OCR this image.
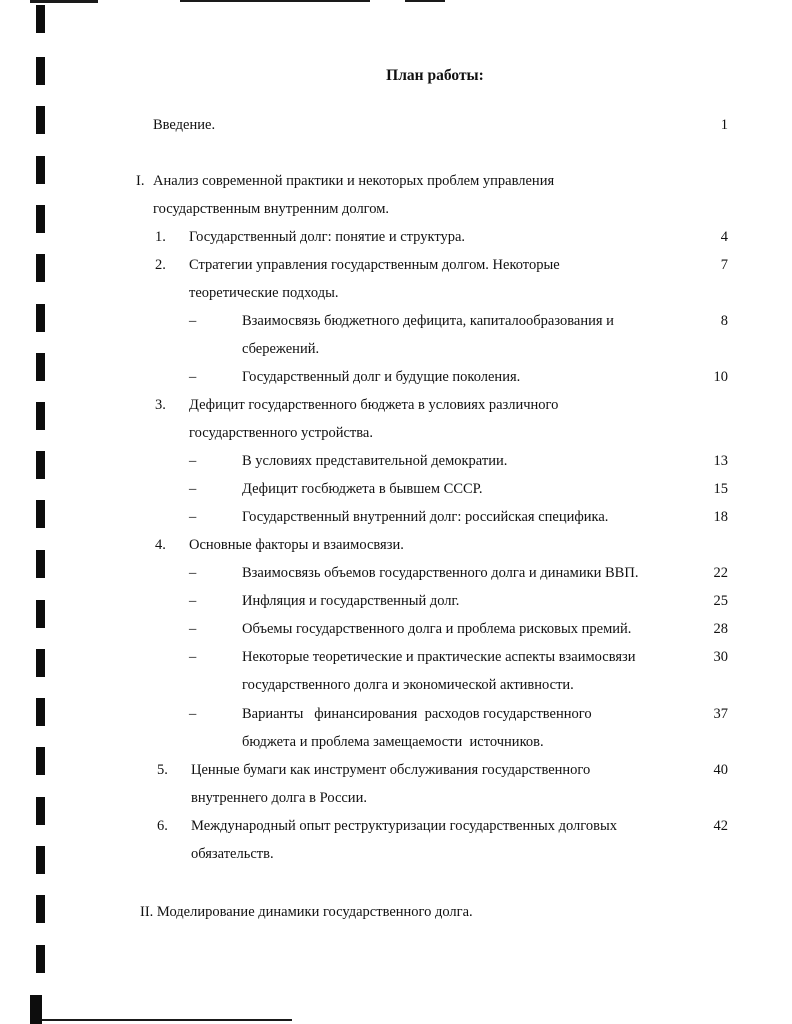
План работы:
Введение.	1
I. Анализ современной практики и некоторых проблем управления
государственным внутренним долгом.
1. Государственный долг: понятие и структура.	4
2. Стратегии управления государственным долгом. Некоторые	7
теоретические подходы.
–	Взаимосвязь бюджетного дефицита, капиталообразования и	8
сбережений.
–	Государственный долг и будущие поколения.	10
3. Дефицит государственного бюджета в условиях различного
государственного устройства.
–	В условиях представительной демократии.	13
–	Дефицит госбюджета в бывшем СССР.	15
–	Государственный внутренний долг: российская специфика.	18
4. Основные факторы и взаимосвязи.
–	Взаимосвязь объемов государственного долга и динамики ВВП.	22
–	Инфляция и государственный долг.	25
–	Объемы государственного долга и проблема рисковых премий.	28
–	Некоторые теоретические и практические аспекты взаимосвязи	30
государственного долга и экономической активности.
–	Варианты   финансирования  расходов государственного	37
бюджета и проблема замещаемости  источников.
5. Ценные бумаги как инструмент обслуживания государственного	40
внутреннего долга в России.
6. Международный опыт реструктуризации государственных долговых	42
обязательств.
II. Моделирование динамики государственного долга.
